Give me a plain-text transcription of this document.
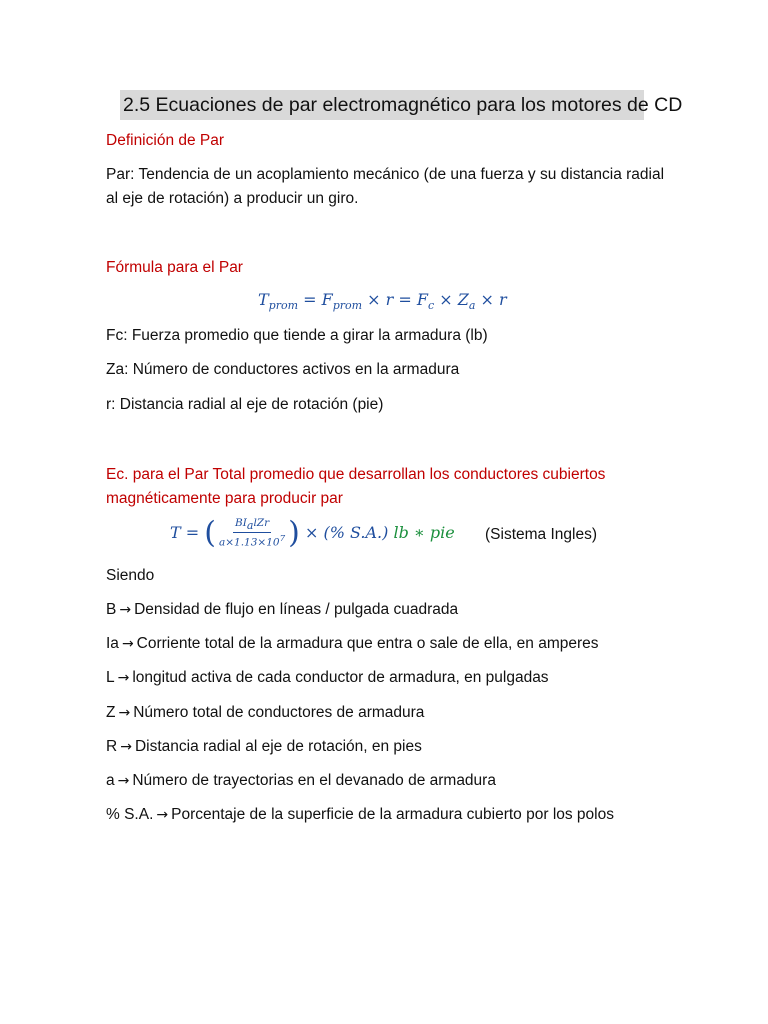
2.5 Ecuaciones de par electromagnético para los motores de CD
Definición de Par
Par: Tendencia de un acoplamiento mecánico (de una fuerza y su distancia radial al eje de rotación) a producir un giro.
Fórmula para el Par
$T_{prom} = F_{prom} \times r = F_c \times Z_a \times r$
Fc: Fuerza promedio que tiende a girar la armadura (lb)
Za: Número de conductores activos en la armadura
r: Distancia radial al eje de rotación (pie)
Ec. para el Par Total promedio que desarrollan los conductores cubiertos magnéticamente para producir par
T = ( $\frac{BI_alZr}{a\times 1.13\times 10^7}$ ) × (% S.A.) lb ∗ pie (Sistema Ingles)
Siendo
B → Densidad de flujo en líneas / pulgada cuadrada
Ia → Corriente total de la armadura que entra o sale de ella, en amperes
L → longitud activa de cada conductor de armadura, en pulgadas
Z → Número total de conductores de armadura
R → Distancia radial al eje de rotación, en pies
a → Número de trayectorias en el devanado de armadura
% S.A. → Porcentaje de la superficie de la armadura cubierto por los polos
